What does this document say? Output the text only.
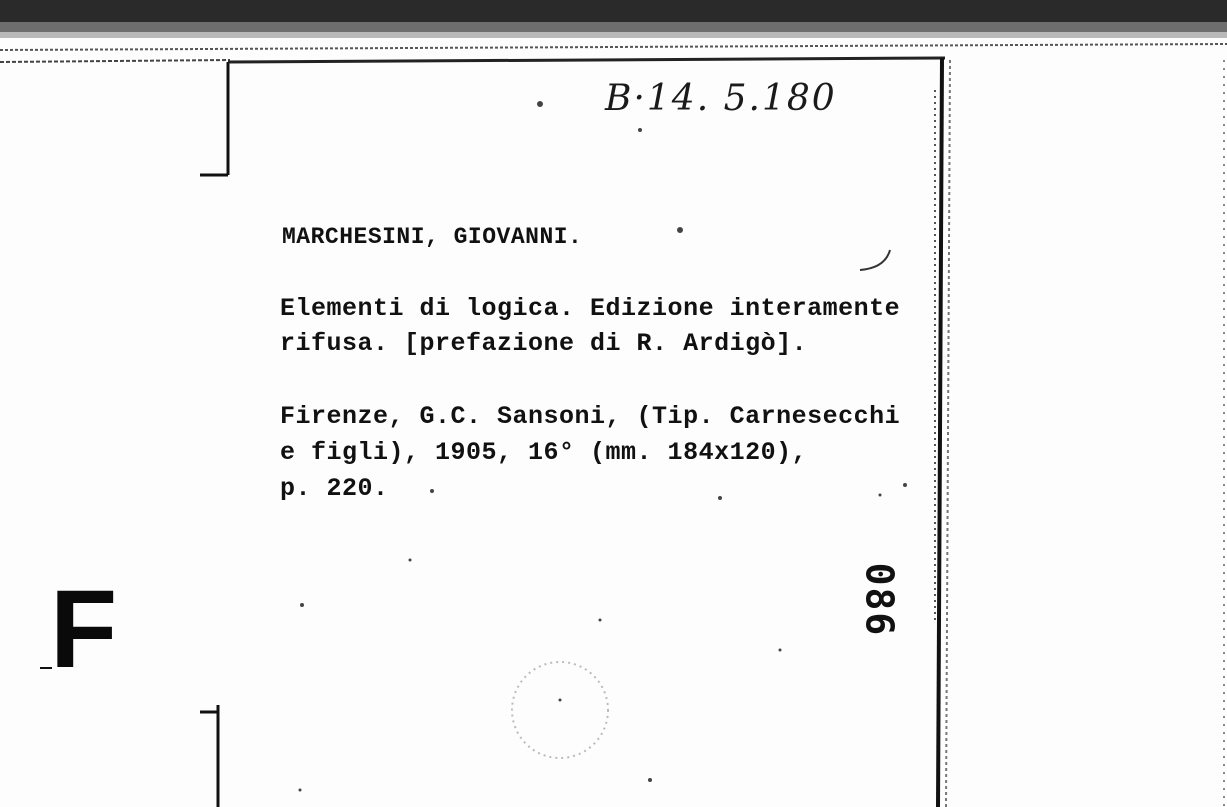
B·14. 5.180
MARCHESINI, GIOVANNI.
Elementi di logica. Edizione interamente
rifusa. [prefazione di R. Ardigò].
Firenze, G.C. Sansoni, (Tip. Carnesecchi
e figli), 1905, 16° (mm. 184x120),
p. 220.
086
F
